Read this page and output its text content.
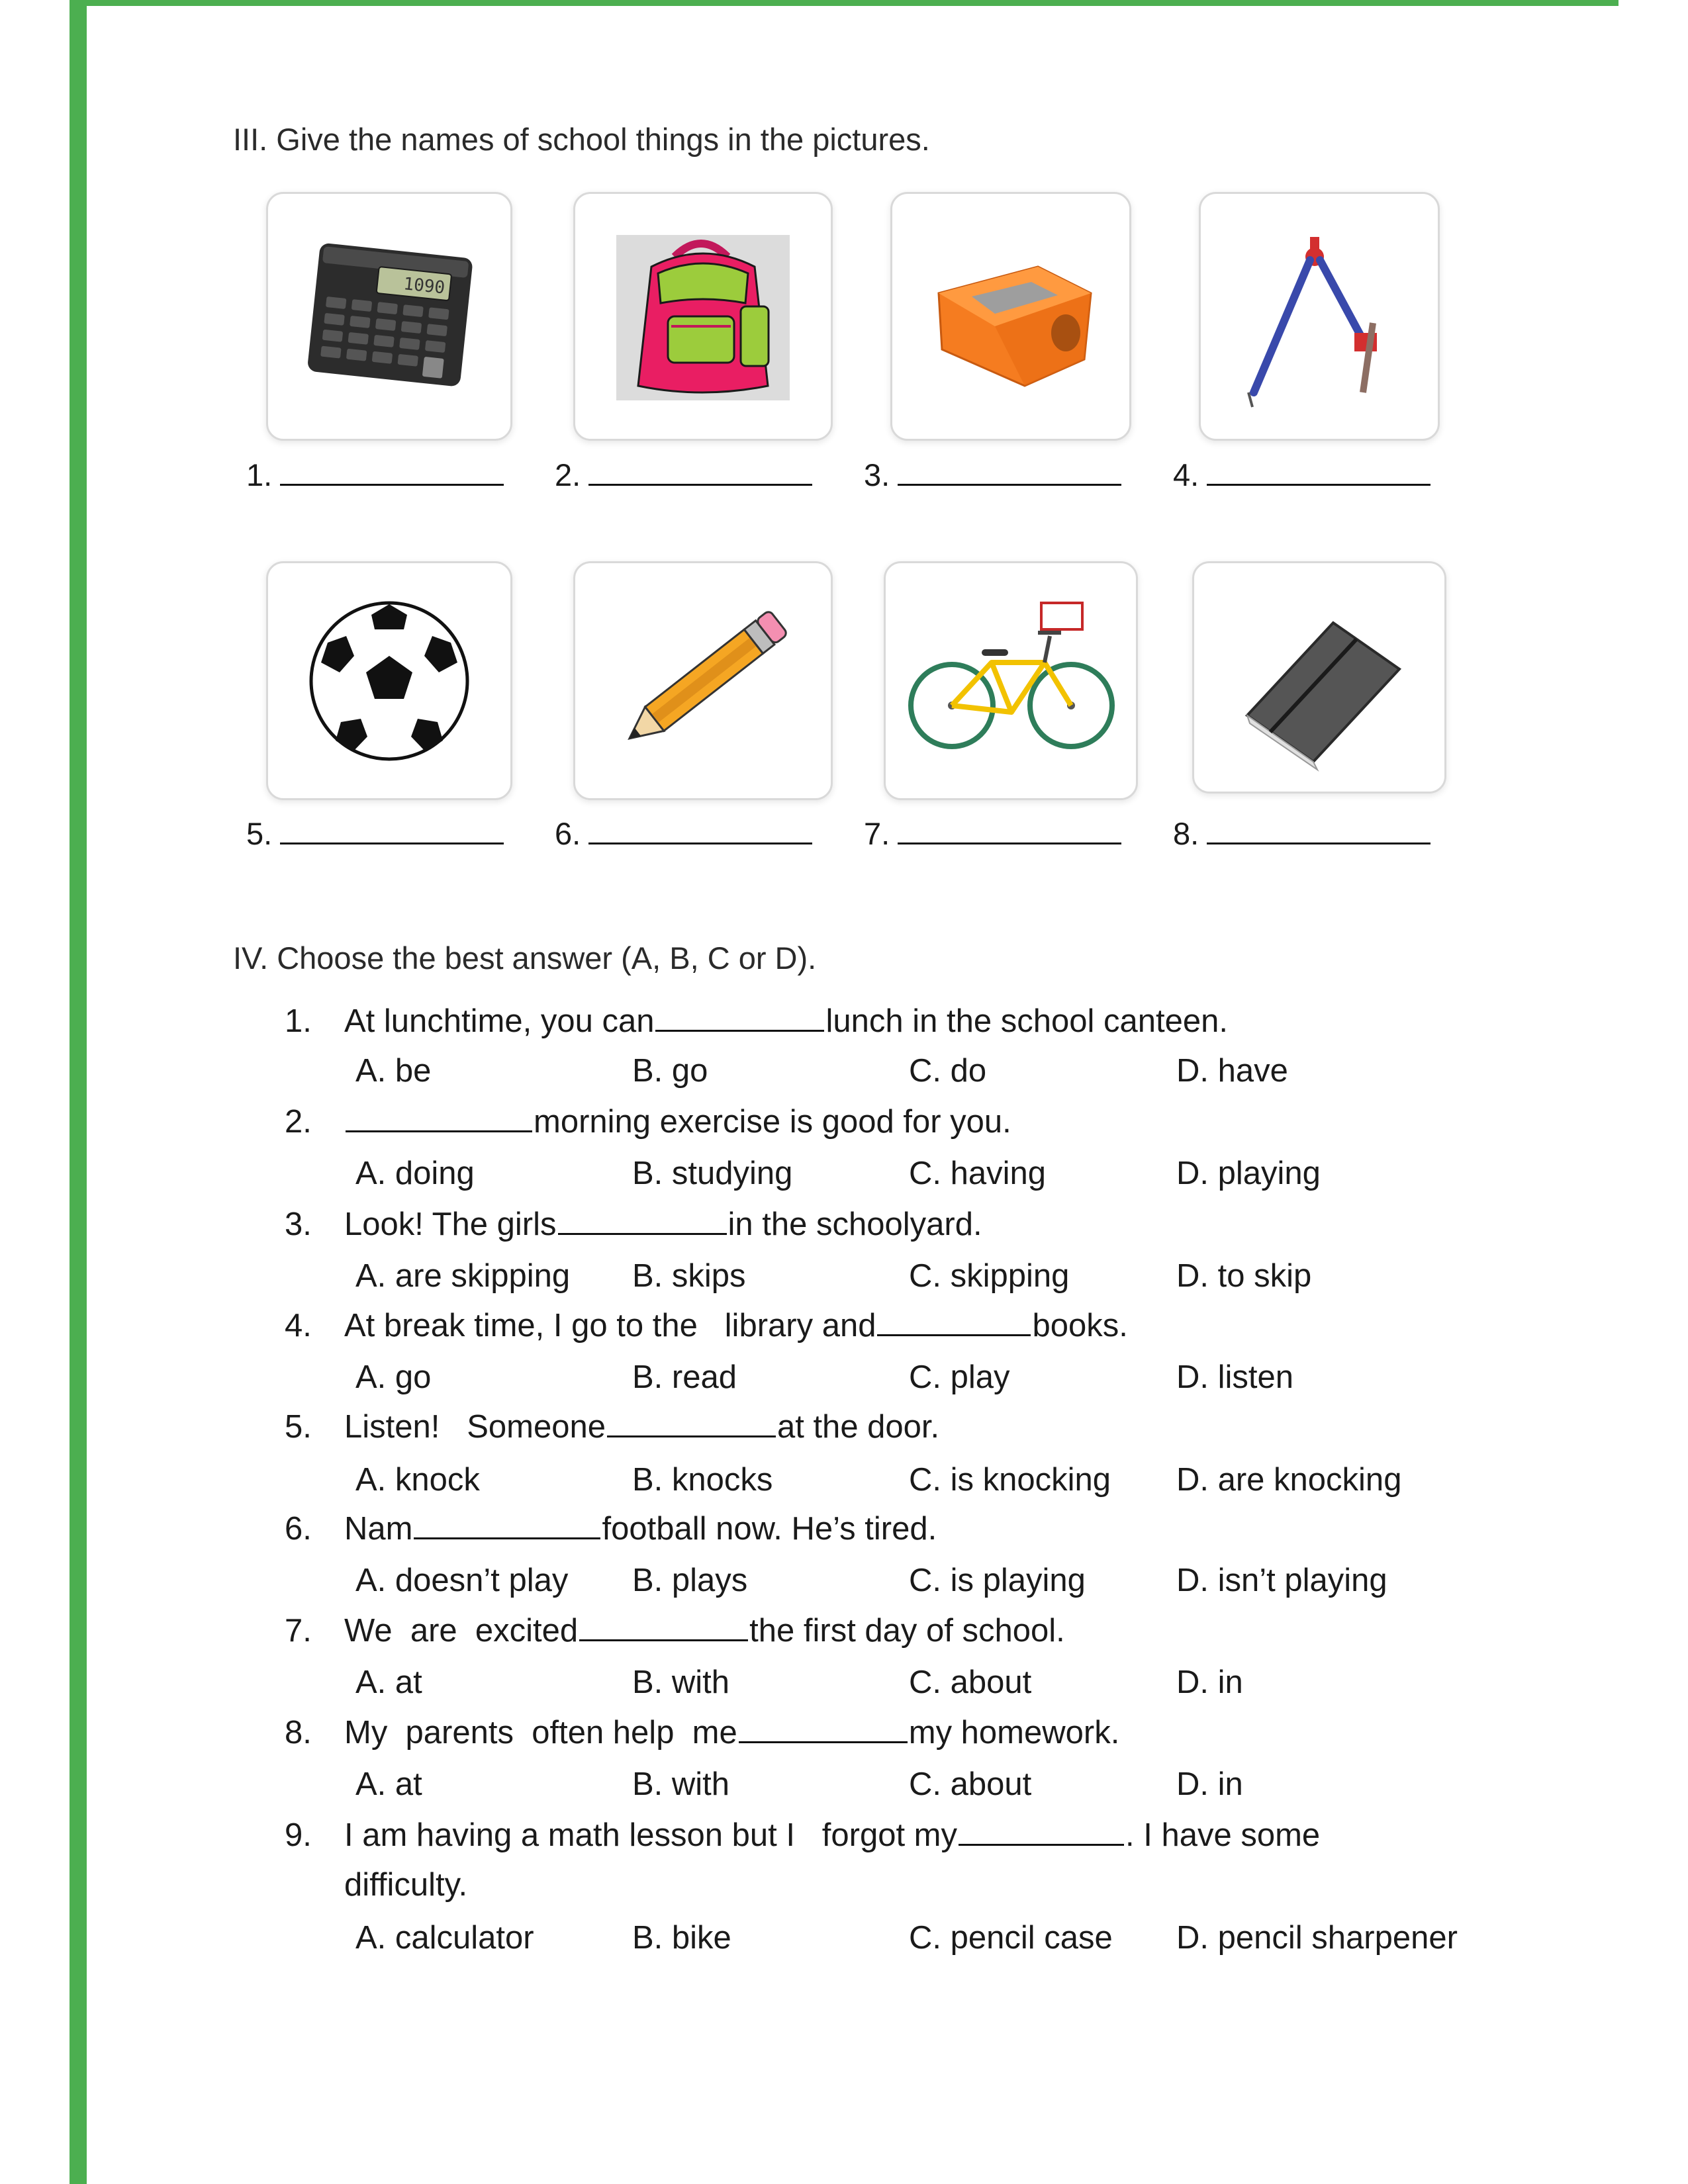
III. Give the names of school things in the pictures.
1090
1.	2.	3.	4.
5.	6.	7.	8.
IV. Choose the best answer (A, B, C or D).
1.	At lunchtime, you can	lunch in the school canteen.
A. be	B. go	C. do	D. have
2.	morning exercise is good for you.
A. doing	B. studying	C. having	D. playing
3.	Look! The girls	in the schoolyard.
A. are skipping B. skips	C. skipping	D. to skip
4.	At break time, I go to the   library and	books.
A. go	B. read	C. play	D. listen
5.	Listen!   Someone	at the door.
A. knock	B. knocks	C. is knocking D. are knocking
6.	Nam	football now. He’s tired.
A. doesn’t play B. plays	C. is playing	D. isn’t playing
7.	We  are  excited	the first day of school.
A. at	B. with	C. about	D. in
8.	My  parents  often help  me	my homework.
A. at	B. with	C. about	D. in
9.	I am having a math lesson but I   forgot my	. I have some
difficulty.
A. calculator	B. bike	C. pencil case D. pencil sharpener
